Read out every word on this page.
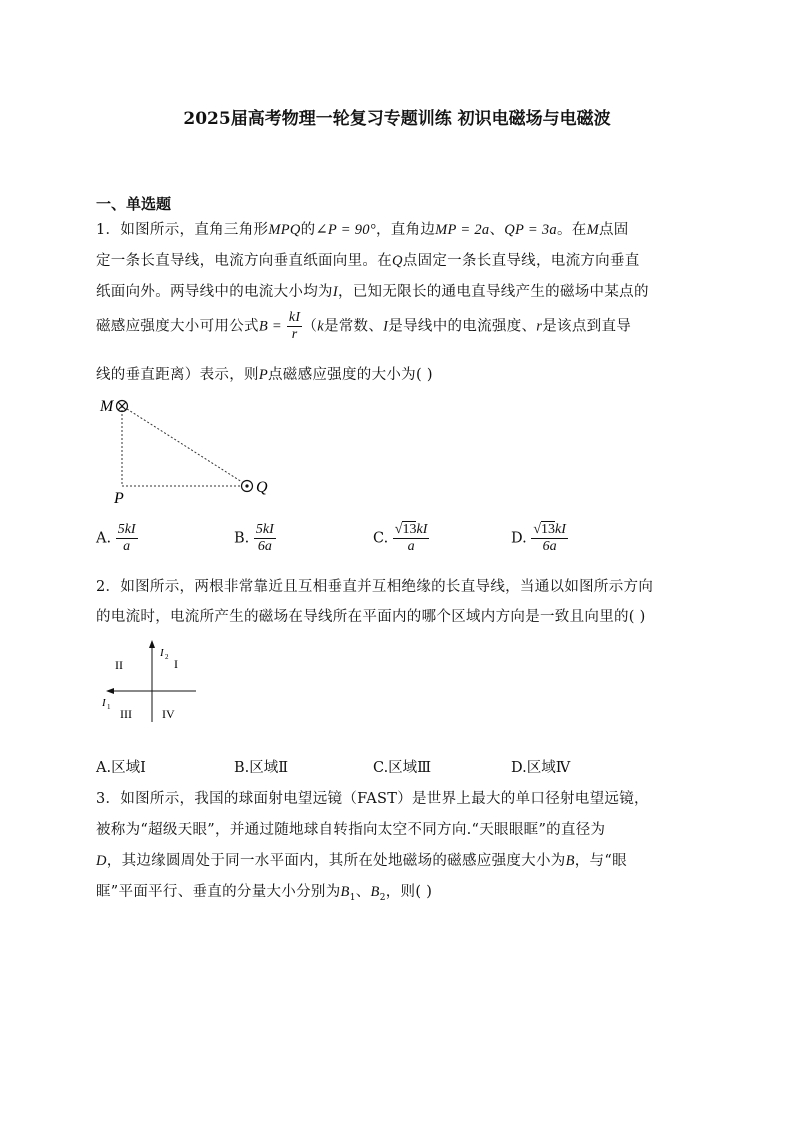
2025届高考物理一轮复习专题训练 初识电磁场与电磁波
一、单选题
1．如图所示，直角三角形MPQ的∠P = 90°，直角边MP = 2a、QP = 3a。在M点固
定一条长直导线，电流方向垂直纸面向里。在Q点固定一条长直导线，电流方向垂直
纸面向外。两导线中的电流大小均为I，已知无限长的通电直导线产生的磁场中某点的
磁感应强度大小可用公式$B = \frac{kI}{r} (k$是常数、I是导线中的电流强度、r是该点到直导
线的垂直距离）表示，则P点磁感应强度的大小为( )
M
P
Q
A. $\frac{5kI}{a}$	B. $\frac{5kI}{6a}$	C. $\frac{√13kI}{a}$	D. $\frac{√13kI}{6a}$
2．如图所示，两根非常靠近且互相垂直并互相绝缘的长直导线，当通以如图所示方向
的电流时，电流所产生的磁场在导线所在平面内的哪个区域内方向是一致且向里的( )
I 2
I 1
I
II
III	IV
A.区域Ⅰ	B.区域Ⅱ	C.区域Ⅲ	D.区域Ⅳ
3．如图所示，我国的球面射电望远镜（FAST）是世界上最大的单口径射电望远镜，
被称为“超级天眼”，并通过随地球自转指向太空不同方向.“天眼眼眶”的直径为
D，其边缘圆周处于同一水平面内，其所在处地磁场的磁感应强度大小为B，与“眼
眶”平面平行、垂直的分量大小分别为$B_1$、$B_2$，则( )
